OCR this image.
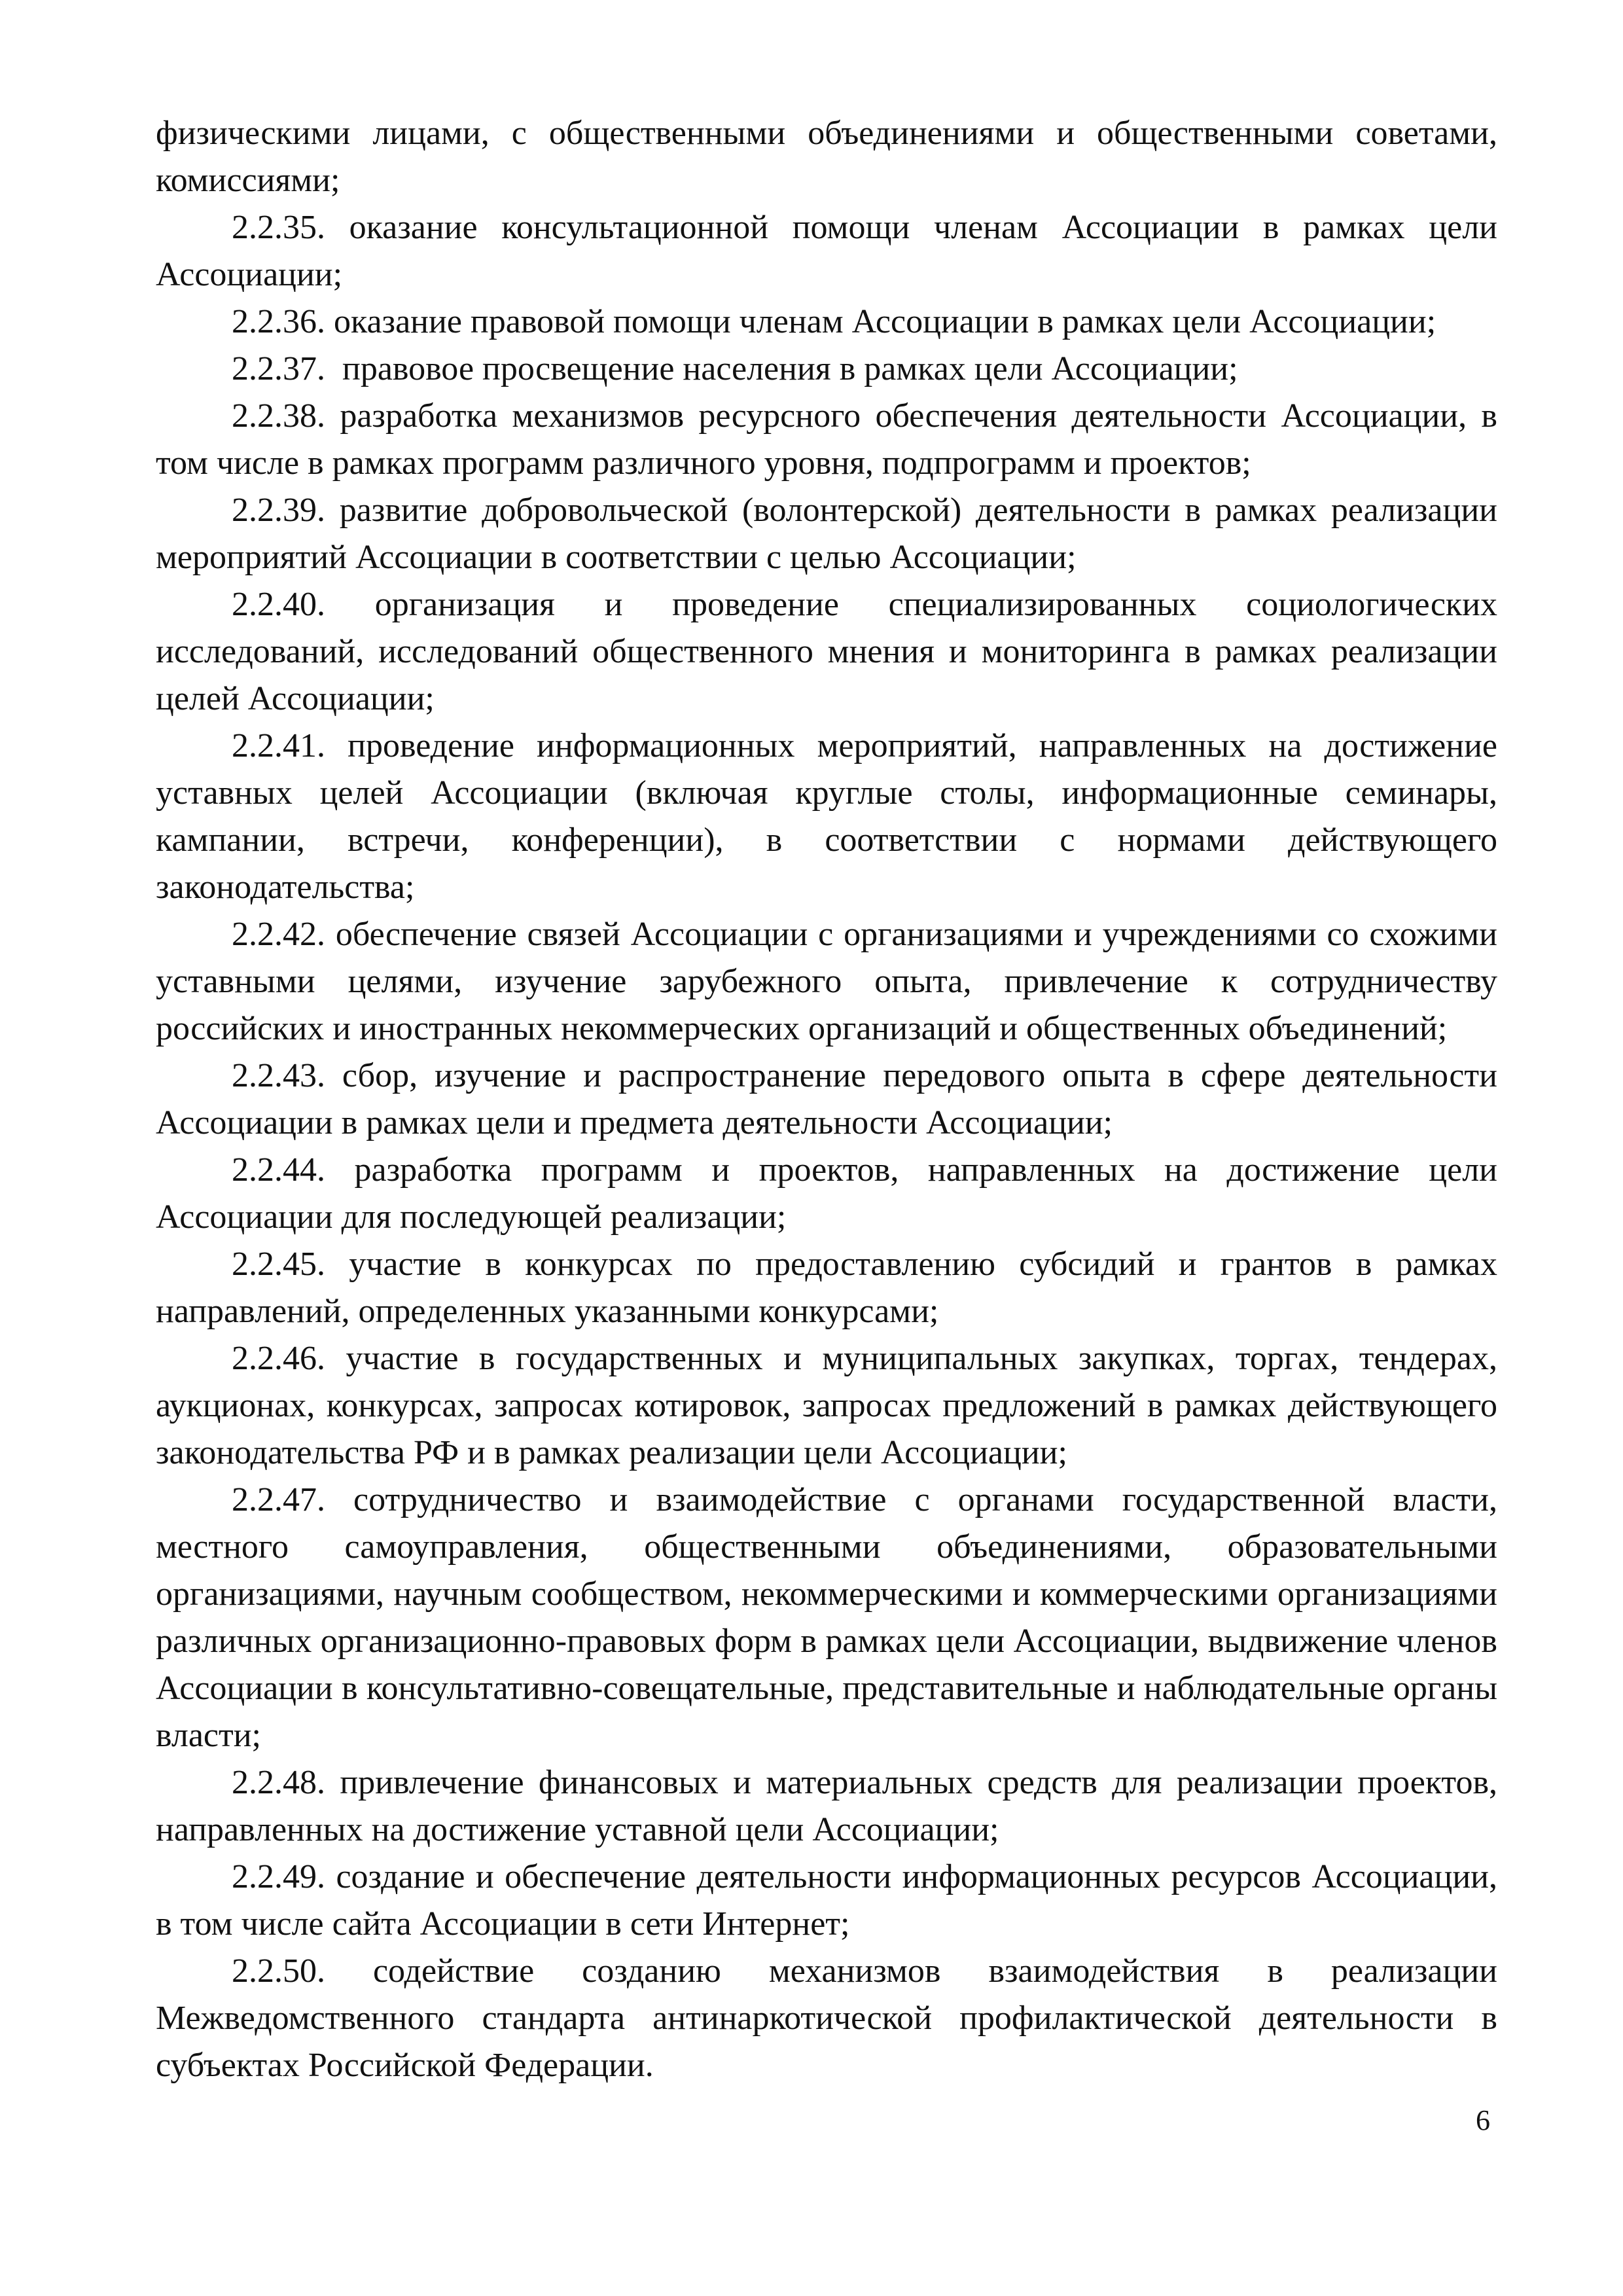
физическими лицами, с общественными объединениями и общественными советами, комиссиями;

2.2.35. оказание консультационной помощи членам Ассоциации в рамках цели Ассоциации;

2.2.36. оказание правовой помощи членам Ассоциации в рамках цели Ассоциации;

2.2.37.  правовое просвещение населения в рамках цели Ассоциации;

2.2.38. разработка механизмов ресурсного обеспечения деятельности Ассоциации, в том числе в рамках программ различного уровня, подпрограмм и проектов;

2.2.39. развитие добровольческой (волонтерской) деятельности в рамках реализации мероприятий Ассоциации в соответствии с целью Ассоциации;

2.2.40. организация и проведение специализированных социологических исследований, исследований общественного мнения и мониторинга в рамках реализации целей Ассоциации;

2.2.41. проведение информационных мероприятий, направленных на достижение уставных целей Ассоциации (включая круглые столы, информационные семинары, кампании, встречи, конференции), в соответствии с нормами действующего законодательства;

2.2.42. обеспечение связей Ассоциации с организациями и учреждениями со схожими уставными целями, изучение зарубежного опыта, привлечение к сотрудничеству российских и иностранных некоммерческих организаций и общественных объединений;

2.2.43. сбор, изучение и распространение передового опыта в сфере деятельности Ассоциации в рамках цели и предмета деятельности Ассоциации;

2.2.44. разработка программ и проектов, направленных на достижение цели Ассоциации для последующей реализации;

2.2.45. участие в конкурсах по предоставлению субсидий и грантов в рамках направлений, определенных указанными конкурсами;

2.2.46. участие в государственных и муниципальных закупках, торгах, тендерах, аукционах, конкурсах, запросах котировок, запросах предложений в рамках действующего законодательства РФ и в рамках реализации цели Ассоциации;

2.2.47. сотрудничество и взаимодействие с органами государственной власти, местного самоуправления, общественными объединениями, образовательными организациями, научным сообществом, некоммерческими и коммерческими организациями различных организационно-правовых форм в рамках цели Ассоциации, выдвижение членов Ассоциации в консультативно-совещательные, представительные и наблюдательные органы власти;

2.2.48. привлечение финансовых и материальных средств для реализации проектов, направленных на достижение уставной цели Ассоциации;

2.2.49. создание и обеспечение деятельности информационных ресурсов Ассоциации, в том числе сайта Ассоциации в сети Интернет;

2.2.50. содействие созданию механизмов взаимодействия в реализации Межведомственного стандарта антинаркотической профилактической деятельности в субъектах Российской Федерации.

6
